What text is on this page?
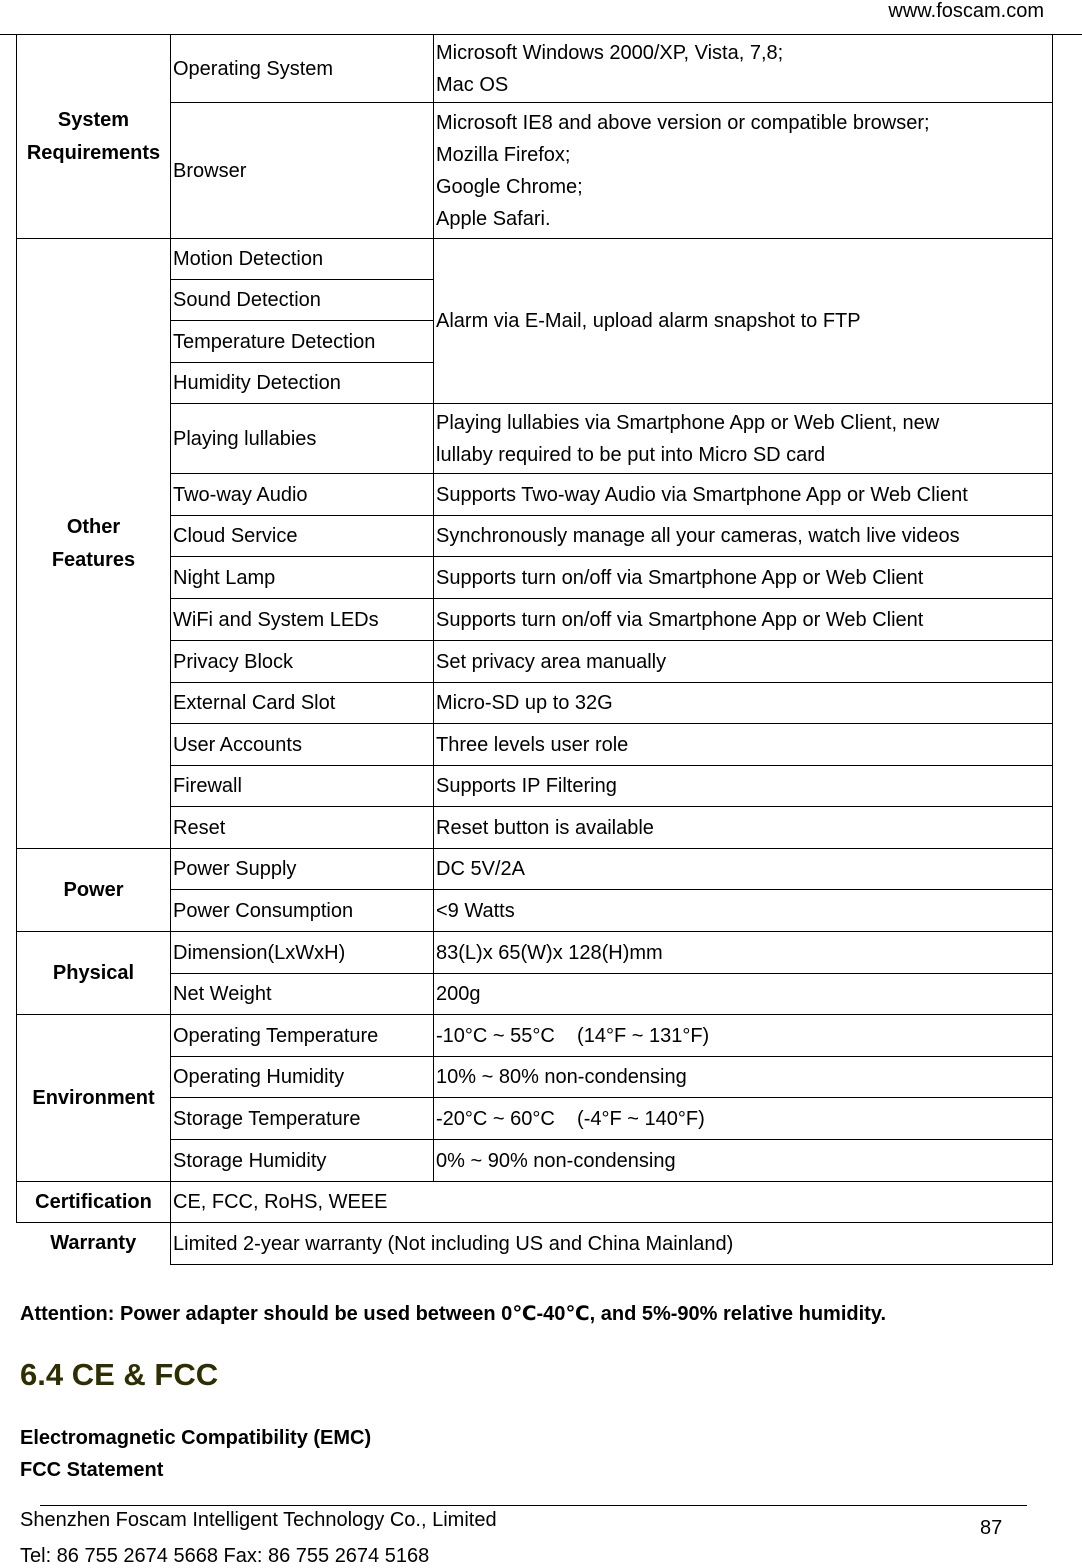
www.foscam.com
System Requirements	Operating System	Microsoft Windows 2000/XP, Vista, 7,8;
Mac OS

	Browser	Microsoft IE8 and above version or compatible browser;
Mozilla Firefox;
Google Chrome;
Apple Safari.

Other
Features	Motion Detection	Alarm via E-Mail, upload alarm snapshot to FTP
	Sound Detection	
	Temperature Detection	
	Humidity Detection	
	Playing lullabies	Playing lullabies via Smartphone App or Web Client, new
lullaby required to be put into Micro SD card

	Two-way Audio	Supports Two-way Audio via Smartphone App or Web Client
	Cloud Service	Synchronously manage all your cameras, watch live videos
	Night Lamp	Supports turn on/off via Smartphone App or Web Client
	WiFi and System LEDs	Supports turn on/off via Smartphone App or Web Client
	Privacy Block	Set privacy area manually
	External Card Slot	Micro-SD up to 32G
	User Accounts	Three levels user role
	Firewall	Supports IP Filtering
	Reset	Reset button is available
Power	Power Supply	DC 5V/2A
	Power Consumption	<9 Watts
Physical	Dimension(LxWxH)	83(L)x 65(W)x 128(H)mm
	Net Weight	200g
Environment	Operating Temperature	-10°C ~ 55°C    (14°F ~ 131°F)
	Operating Humidity	10% ~ 80% non-condensing
	Storage Temperature	-20°C ~ 60°C    (-4°F ~ 140°F)
	Storage Humidity	0% ~ 90% non-condensing
Certification	CE, FCC, RoHS, WEEE	
Warranty	Limited 2-year warranty (Not including US and China Mainland)	
Attention: Power adapter should be used between 0℃-40℃, and 5%-90% relative humidity.
6.4 CE & FCC
Electromagnetic Compatibility (EMC)
FCC Statement
Shenzhen Foscam Intelligent Technology Co., Limited
Tel: 86 755 2674 5668 Fax: 86 755 2674 5168
87
